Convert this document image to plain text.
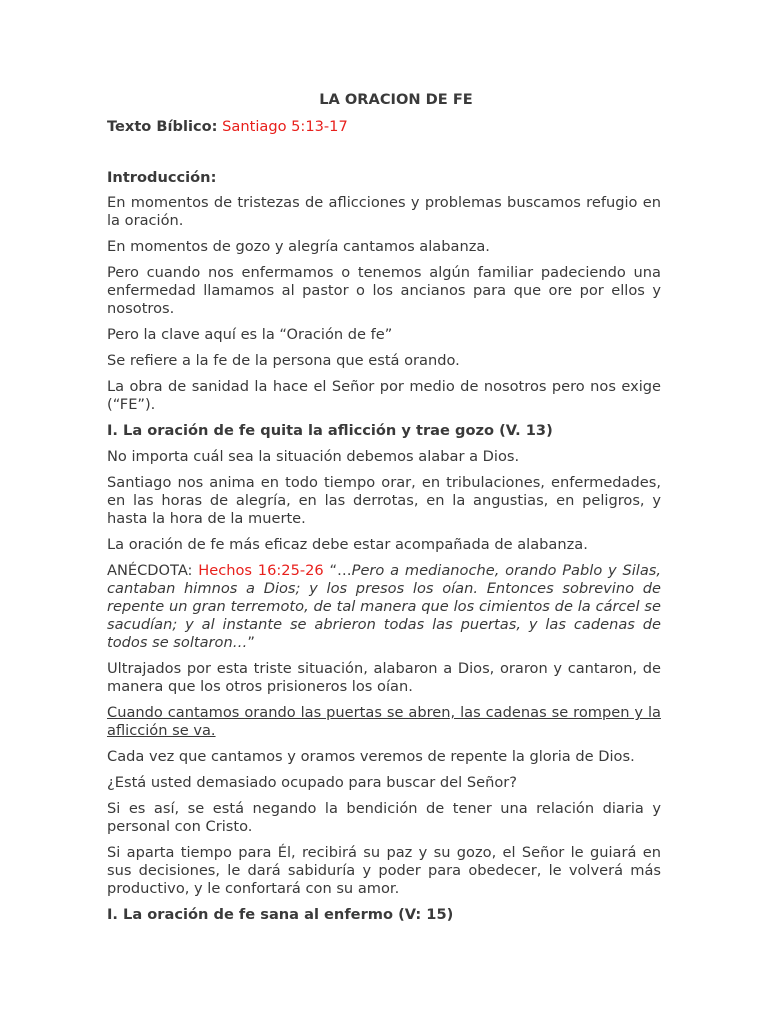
LA ORACION DE FE
Texto Bíblico: Santiago 5:13-17
Introducción:

En momentos de tristezas de aflicciones y problemas buscamos refugio en la oración.

En momentos de gozo y alegría cantamos alabanza.

Pero cuando nos enfermamos o tenemos algún familiar padeciendo una enfermedad llamamos al pastor o los ancianos para que ore por ellos y nosotros.

Pero la clave aquí es la “Oración de fe”

Se refiere a la fe de la persona que está orando.

La obra de sanidad la hace el Señor por medio de nosotros pero nos exige (“FE”).

I. La oración de fe quita la aflicción y trae gozo (V. 13)

No importa cuál sea la situación debemos alabar a Dios.

Santiago nos anima en todo tiempo orar, en tribulaciones, enfermedades, en las horas de alegría, en las derrotas, en la angustias, en peligros, y hasta la hora de la muerte.

La oración de fe más eficaz debe estar acompañada de alabanza.

ANÉCDOTA: Hechos 16:25-26 “…Pero a medianoche, orando Pablo y Silas, cantaban himnos a Dios; y los presos los oían. Entonces sobrevino de repente un gran terremoto, de tal manera que los cimientos de la cárcel se sacudían; y al instante se abrieron todas las puertas, y las cadenas de todos se soltaron…”

Ultrajados por esta triste situación, alabaron a Dios, oraron y cantaron, de manera que los otros prisioneros los oían.

Cuando cantamos orando las puertas se abren, las cadenas se rompen y la aflicción se va.

Cada vez que cantamos y oramos veremos de repente la gloria de Dios.

¿Está usted demasiado ocupado para buscar del Señor?

Si es así, se está negando la bendición de tener una relación diaria y personal con Cristo.

Si aparta tiempo para Él, recibirá su paz y su gozo, el Señor le guiará en sus decisiones, le dará sabiduría y poder para obedecer, le volverá más productivo, y le confortará con su amor.

I. La oración de fe sana al enfermo (V: 15)
